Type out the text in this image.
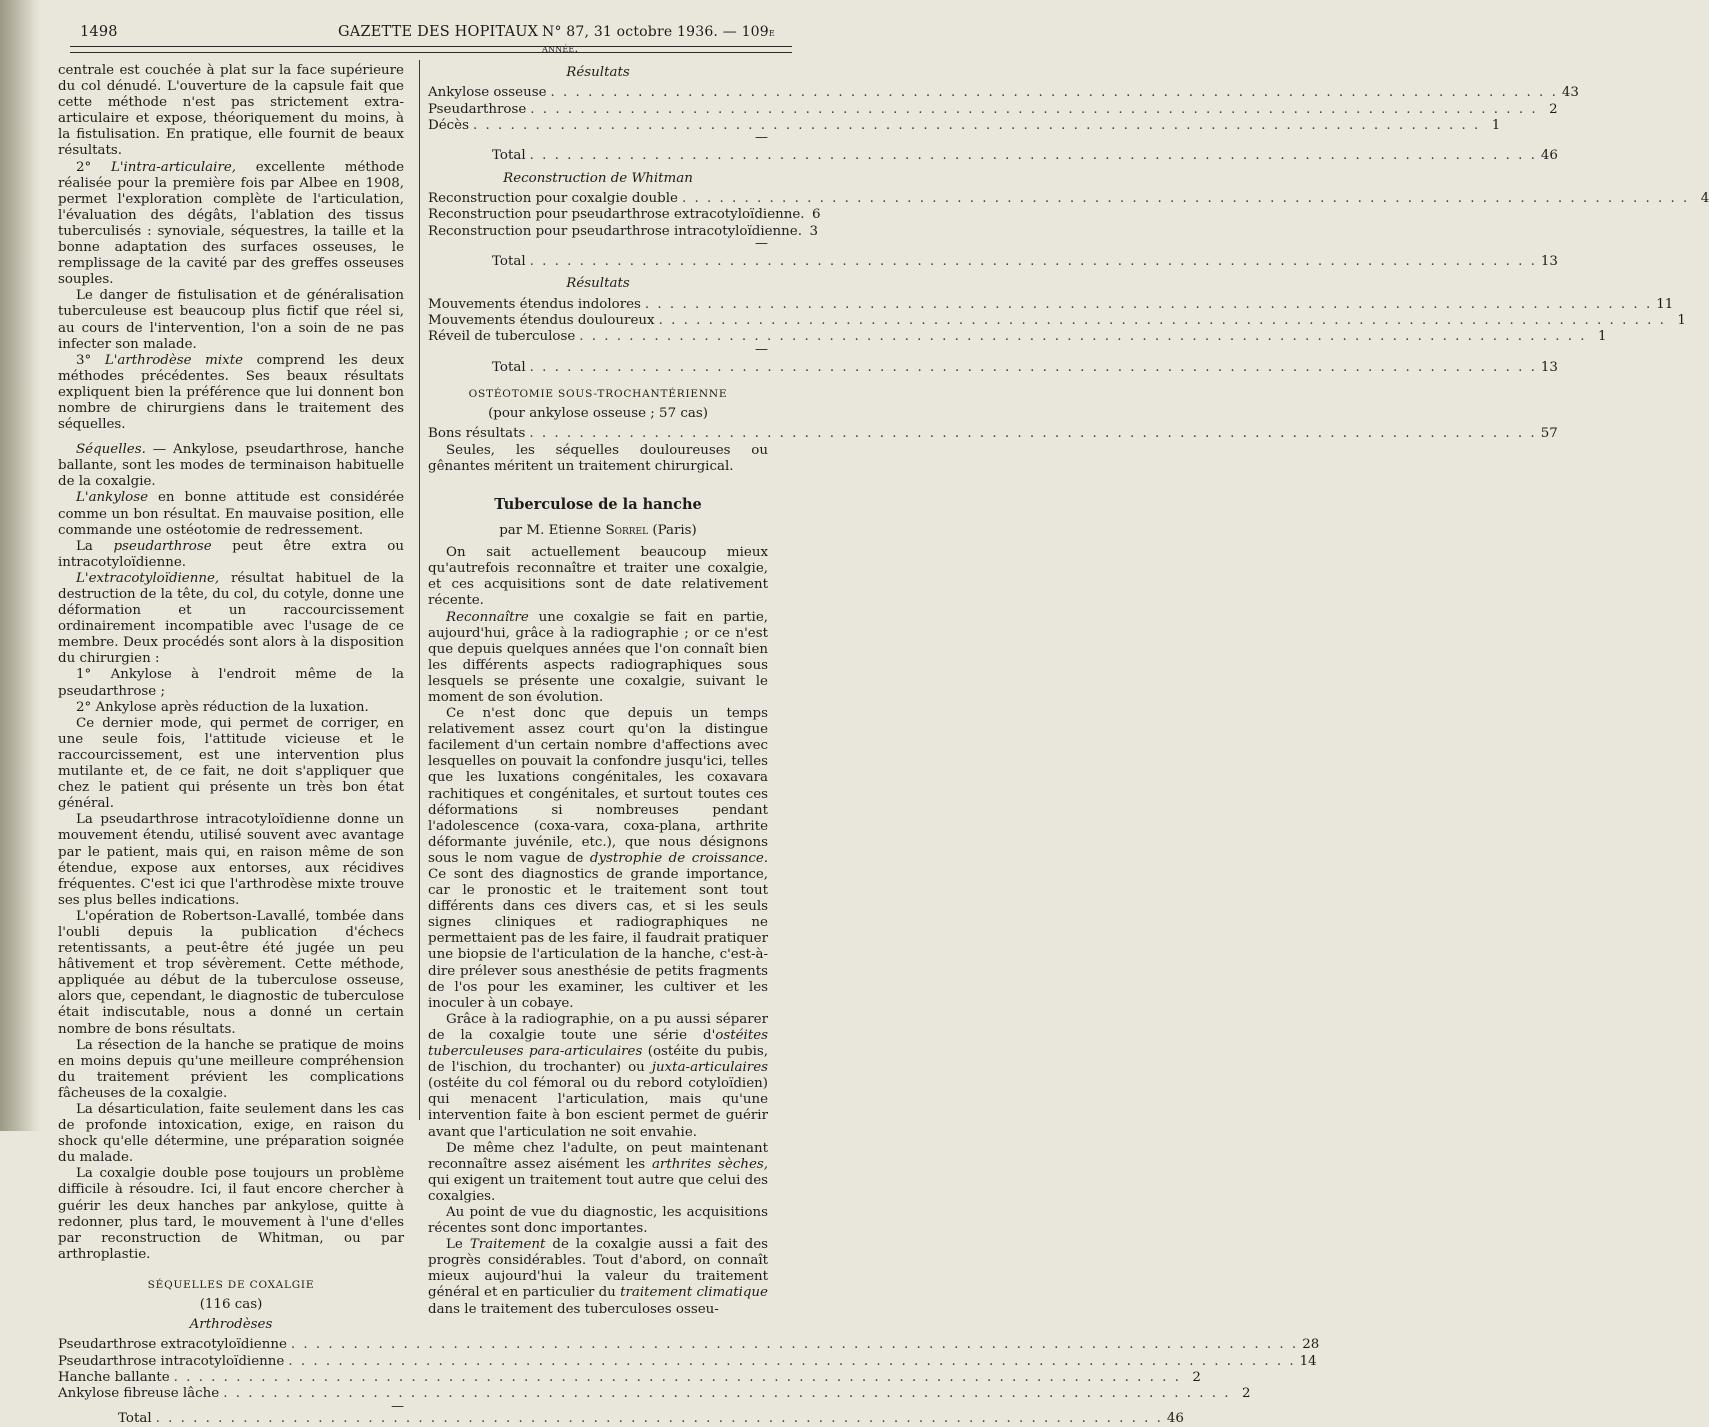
1498	GAZETTE DES HOPITAUX N° 87, 31 octobre 1936. — 109e année.

centrale est couchée à plat sur la face supérieure du col dénudé. L'ouverture de la capsule fait que cette méthode n'est pas strictement extra-articulaire et expose, théoriquement du moins, à la fistulisation. En pratique, elle fournit de beaux résultats.

2° L'intra-articulaire, excellente méthode réalisée pour la première fois par Albee en 1908, permet l'exploration complète de l'articulation, l'évaluation des dégâts, l'ablation des tissus tuberculisés : synoviale, séquestres, la taille et la bonne adaptation des surfaces osseuses, le remplissage de la cavité par des greffes osseuses souples.

Le danger de fistulisation et de généralisation tuberculeuse est beaucoup plus fictif que réel si, au cours de l'intervention, l'on a soin de ne pas infecter son malade.

3° L'arthrodèse mixte comprend les deux méthodes précédentes. Ses beaux résultats expliquent bien la préférence que lui donnent bon nombre de chirurgiens dans le traitement des séquelles.

Séquelles. — Ankylose, pseudarthrose, hanche ballante, sont les modes de terminaison habituelle de la coxalgie.

L'ankylose en bonne attitude est considérée comme un bon résultat. En mauvaise position, elle commande une ostéotomie de redressement.

La pseudarthrose peut être extra ou intracotyloïdienne.

L'extracotyloïdienne, résultat habituel de la destruction de la tête, du col, du cotyle, donne une déformation et un raccourcissement ordinairement incompatible avec l'usage de ce membre. Deux procédés sont alors à la disposition du chirurgien :

1° Ankylose à l'endroit même de la pseudarthrose ;

2° Ankylose après réduction de la luxation.

Ce dernier mode, qui permet de corriger, en une seule fois, l'attitude vicieuse et le raccourcissement, est une intervention plus mutilante et, de ce fait, ne doit s'appliquer que chez le patient qui présente un très bon état général.

La pseudarthrose intracotyloïdienne donne un mouvement étendu, utilisé souvent avec avantage par le patient, mais qui, en raison même de son étendue, expose aux entorses, aux récidives fréquentes. C'est ici que l'arthrodèse mixte trouve ses plus belles indications.

L'opération de Robertson-Lavallé, tombée dans l'oubli depuis la publication d'échecs retentissants, a peut-être été jugée un peu hâtivement et trop sévèrement. Cette méthode, appliquée au début de la tuberculose osseuse, alors que, cependant, le diagnostic de tuberculose était indiscutable, nous a donné un certain nombre de bons résultats.

La résection de la hanche se pratique de moins en moins depuis qu'une meilleure compréhension du traitement prévient les complications fâcheuses de la coxalgie.

La désarticulation, faite seulement dans les cas de profonde intoxication, exige, en raison du shock qu'elle détermine, une préparation soignée du malade.

La coxalgie double pose toujours un problème difficile à résoudre. Ici, il faut encore chercher à guérir les deux hanches par ankylose, quitte à redonner, plus tard, le mouvement à l'une d'elles par reconstruction de Whitman, ou par arthroplastie.

SÉQUELLES DE COXALGIE
(116 cas)
Arthrodèses
Pseudarthrose extracotyloïdienne . . .	28
Pseudarthrose intracotyloïdienne . . .	14
Hanche ballante . . .	2
Ankylose fibreuse lâche . . .	2
—
Total . . .	46
Résultats
Ankylose osseuse . . .	43
Pseudarthrose . . .	2
Décès . . .	1
—
Total . . .	46
Reconstruction de Whitman
Reconstruction pour coxalgie double . . .	4
Reconstruction pour pseudarthrose extracotyloïdienne. 6
Reconstruction pour pseudarthrose intracotyloïdienne. 3
—
Total . . .	13
Résultats
Mouvements étendus indolores . . .	11
Mouvements étendus douloureux . . .	1
Réveil de tuberculose . . .	1
—
Total . . .	13
OSTÉOTOMIE SOUS-TROCHANTÉRIENNE
(pour ankylose osseuse ; 57 cas)
Bons résultats . . .	57

Seules, les séquelles douloureuses ou gênantes méritent un traitement chirurgical.

Tuberculose de la hanche
par M. Etienne Sorrel (Paris)

On sait actuellement beaucoup mieux qu'autrefois reconnaître et traiter une coxalgie, et ces acquisitions sont de date relativement récente.

Reconnaître une coxalgie se fait en partie, aujourd'hui, grâce à la radiographie ; or ce n'est que depuis quelques années que l'on connaît bien les différents aspects radiographiques sous lesquels se présente une coxalgie, suivant le moment de son évolution.

Ce n'est donc que depuis un temps relativement assez court qu'on la distingue facilement d'un certain nombre d'affections avec lesquelles on pouvait la confondre jusqu'ici, telles que les luxations congénitales, les coxavara rachitiques et congénitales, et surtout toutes ces déformations si nombreuses pendant l'adolescence (coxa-vara, coxa-plana, arthrite déformante juvénile, etc.), que nous désignons sous le nom vague de dystrophie de croissance. Ce sont des diagnostics de grande importance, car le pronostic et le traitement sont tout différents dans ces divers cas, et si les seuls signes cliniques et radiographiques ne permettaient pas de les faire, il faudrait pratiquer une biopsie de l'articulation de la hanche, c'est-à-dire prélever sous anesthésie de petits fragments de l'os pour les examiner, les cultiver et les inoculer à un cobaye.

Grâce à la radiographie, on a pu aussi séparer de la coxalgie toute une série d'ostéites tuberculeuses para-articulaires (ostéite du pubis, de l'ischion, du trochanter) ou juxta-articulaires (ostéite du col fémoral ou du rebord cotyloïdien) qui menacent l'articulation, mais qu'une intervention faite à bon escient permet de guérir avant que l'articulation ne soit envahie.

De même chez l'adulte, on peut maintenant reconnaître assez aisément les arthrites sèches, qui exigent un traitement tout autre que celui des coxalgies.

Au point de vue du diagnostic, les acquisitions récentes sont donc importantes.

Le Traitement de la coxalgie aussi a fait des progrès considérables. Tout d'abord, on connaît mieux aujourd'hui la valeur du traitement général et en particulier du traitement climatique dans le traitement des tuberculoses osseu-
